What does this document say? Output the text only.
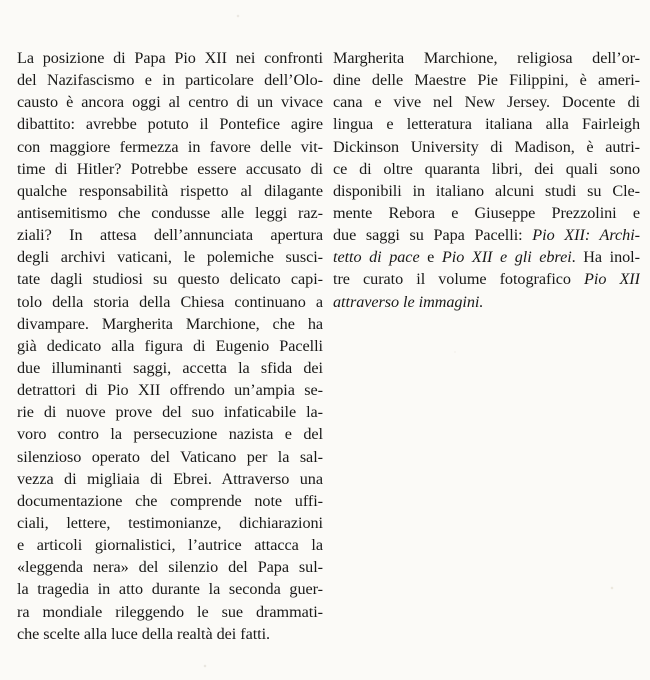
La posizione di Papa Pio XII nei confronti
del Nazifascismo e in particolare dell’Olo-
causto è ancora oggi al centro di un vivace
dibattito: avrebbe potuto il Pontefice agire
con maggiore fermezza in favore delle vit-
time di Hitler? Potrebbe essere accusato di
qualche responsabilità rispetto al dilagante
antisemitismo che condusse alle leggi raz-
ziali? In attesa dell’annunciata apertura
degli archivi vaticani, le polemiche susci-
tate dagli studiosi su questo delicato capi-
tolo della storia della Chiesa continuano a
divampare. Margherita Marchione, che ha
già dedicato alla figura di Eugenio Pacelli
due illuminanti saggi, accetta la sfida dei
detrattori di Pio XII offrendo un’ampia se-
rie di nuove prove del suo infaticabile la-
voro contro la persecuzione nazista e del
silenzioso operato del Vaticano per la sal-
vezza di migliaia di Ebrei. Attraverso una
documentazione che comprende note uffi-
ciali, lettere, testimonianze, dichiarazioni
e articoli giornalistici, l’autrice attacca la
«leggenda nera» del silenzio del Papa sul-
la tragedia in atto durante la seconda guer-
ra mondiale rileggendo le sue drammati-
che scelte alla luce della realtà dei fatti.
Margherita Marchione, religiosa dell’or-
dine delle Maestre Pie Filippini, è ameri-
cana e vive nel New Jersey. Docente di
lingua e letteratura italiana alla Fairleigh
Dickinson University di Madison, è autri-
ce di oltre quaranta libri, dei quali sono
disponibili in italiano alcuni studi su Cle-
mente Rebora e Giuseppe Prezzolini e
due saggi su Papa Pacelli: Pio XII: Archi-
tetto di pace e Pio XII e gli ebrei. Ha inol-
tre curato il volume fotografico Pio XII
attraverso le immagini.
